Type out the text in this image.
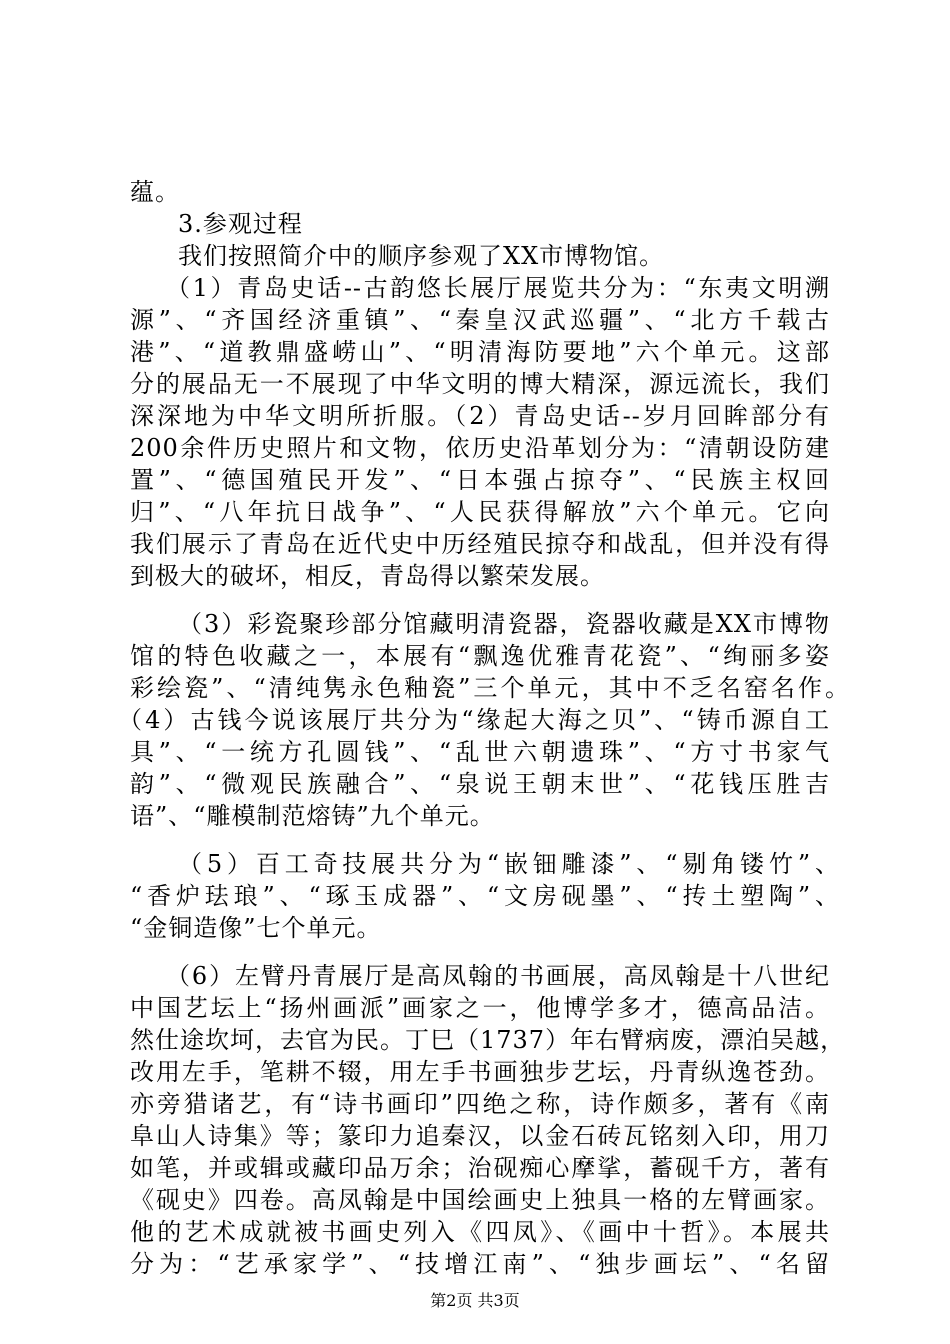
蕴。
3.参观过程
我们按照简介中的顺序参观了XX市博物馆。
（1）青岛史话--古韵悠长展厅展览共分为：“东夷文明溯
源”、“齐国经济重镇”、“秦皇汉武巡疆”、“北方千载古
港”、“道教鼎盛崂山”、“明清海防要地”六个单元。这部
分的展品无一不展现了中华文明的博大精深，源远流长，我们
深深地为中华文明所折服。（2）青岛史话--岁月回眸部分有
200余件历史照片和文物，依历史沿革划分为：“清朝设防建
置”、“德国殖民开发”、“日本强占掠夺”、“民族主权回
归”、“八年抗日战争”、“人民获得解放”六个单元。它向
我们展示了青岛在近代史中历经殖民掠夺和战乱，但并没有得
到极大的破坏，相反，青岛得以繁荣发展。
（3）彩瓷聚珍部分馆藏明清瓷器，瓷器收藏是XX市博物
馆的特色收藏之一，本展有“飘逸优雅青花瓷”、“绚丽多姿
彩绘瓷”、“清纯隽永色釉瓷”三个单元，其中不乏名窑名作。
（4）古钱今说该展厅共分为“缘起大海之贝”、“铸币源自工
具”、“一统方孔圆钱”、“乱世六朝遗珠”、“方寸书家气
韵”、“微观民族融合”、“泉说王朝末世”、“花钱压胜吉
语”、“雕模制范熔铸”九个单元。
（5）百工奇技展共分为“嵌钿雕漆”、“剔角镂竹”、
“香炉珐琅”、“琢玉成器”、“文房砚墨”、“抟土塑陶”、
“金铜造像”七个单元。
（6）左臂丹青展厅是高凤翰的书画展，高凤翰是十八世纪
中国艺坛上“扬州画派”画家之一，他博学多才，德高品洁。
然仕途坎坷，去官为民。丁巳（1737）年右臂病废，漂泊吴越，
改用左手，笔耕不辍，用左手书画独步艺坛，丹青纵逸苍劲。
亦旁猎诸艺，有“诗书画印”四绝之称，诗作颇多，著有《南
阜山人诗集》等；篆印力追秦汉，以金石砖瓦铭刻入印，用刀
如笔，并或辑或藏印品万余；治砚痴心摩挲，蓄砚千方，著有
《砚史》四卷。高凤翰是中国绘画史上独具一格的左臂画家。
他的艺术成就被书画史列入《四凤》、《画中十哲》。本展共
分为：“艺承家学”、“技增江南”、“独步画坛”、“名留
第2页 共3页
